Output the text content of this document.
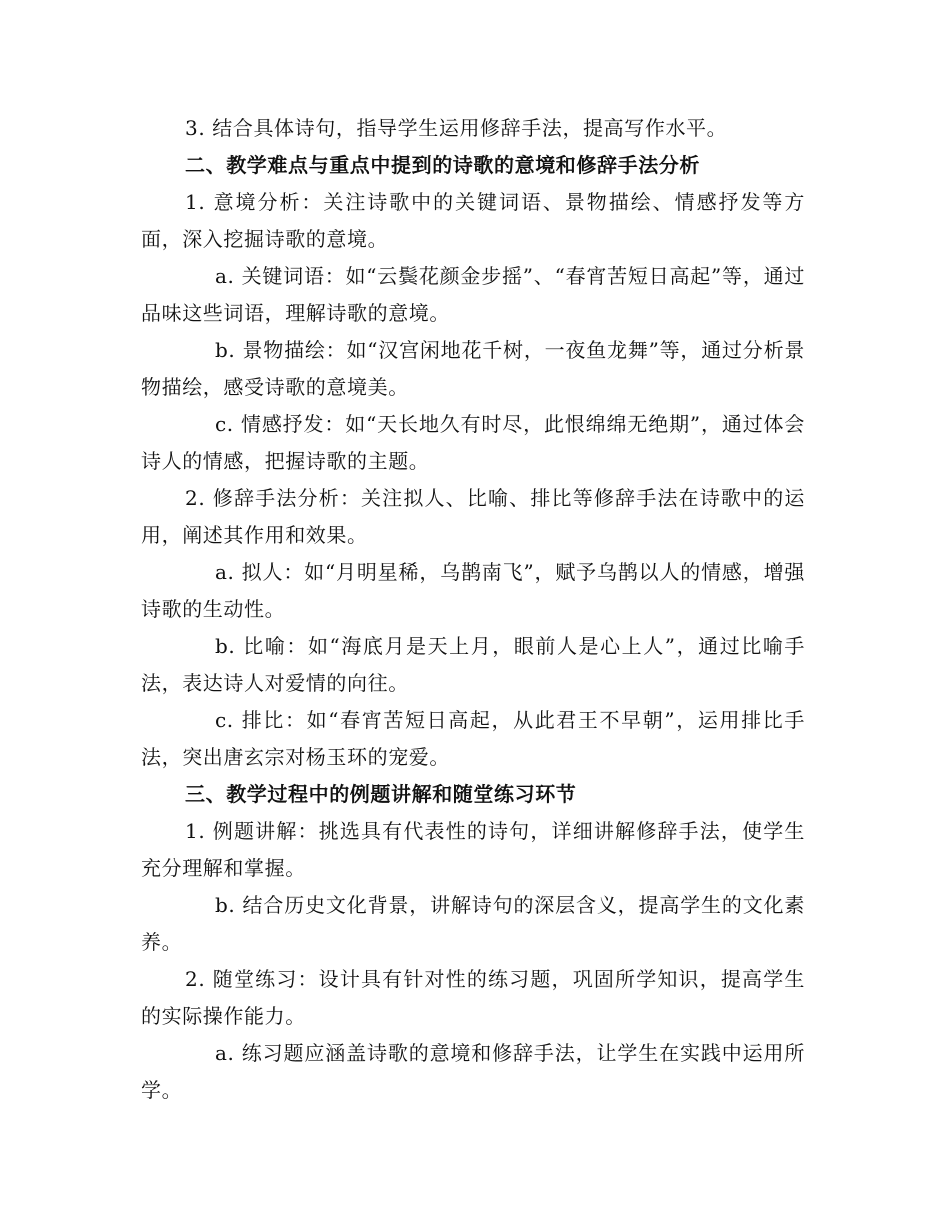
3. 结合具体诗句，指导学生运用修辞手法，提高写作水平。

二、教学难点与重点中提到的诗歌的意境和修辞手法分析

1. 意境分析：关注诗歌中的关键词语、景物描绘、情感抒发等方面，深入挖掘诗歌的意境。

a. 关键词语：如“云鬓花颜金步摇”、“春宵苦短日高起”等，通过品味这些词语，理解诗歌的意境。

b. 景物描绘：如“汉宫闲地花千树，一夜鱼龙舞”等，通过分析景物描绘，感受诗歌的意境美。

c. 情感抒发：如“天长地久有时尽，此恨绵绵无绝期”，通过体会诗人的情感，把握诗歌的主题。

2. 修辞手法分析：关注拟人、比喻、排比等修辞手法在诗歌中的运用，阐述其作用和效果。

a. 拟人：如“月明星稀，乌鹊南飞”，赋予乌鹊以人的情感，增强诗歌的生动性。

b. 比喻：如“海底月是天上月，眼前人是心上人”，通过比喻手法，表达诗人对爱情的向往。

c. 排比：如“春宵苦短日高起，从此君王不早朝”，运用排比手法，突出唐玄宗对杨玉环的宠爱。

三、教学过程中的例题讲解和随堂练习环节

1. 例题讲解：挑选具有代表性的诗句，详细讲解修辞手法，使学生充分理解和掌握。

b. 结合历史文化背景，讲解诗句的深层含义，提高学生的文化素养。

2. 随堂练习：设计具有针对性的练习题，巩固所学知识，提高学生的实际操作能力。

a. 练习题应涵盖诗歌的意境和修辞手法，让学生在实践中运用所学。
